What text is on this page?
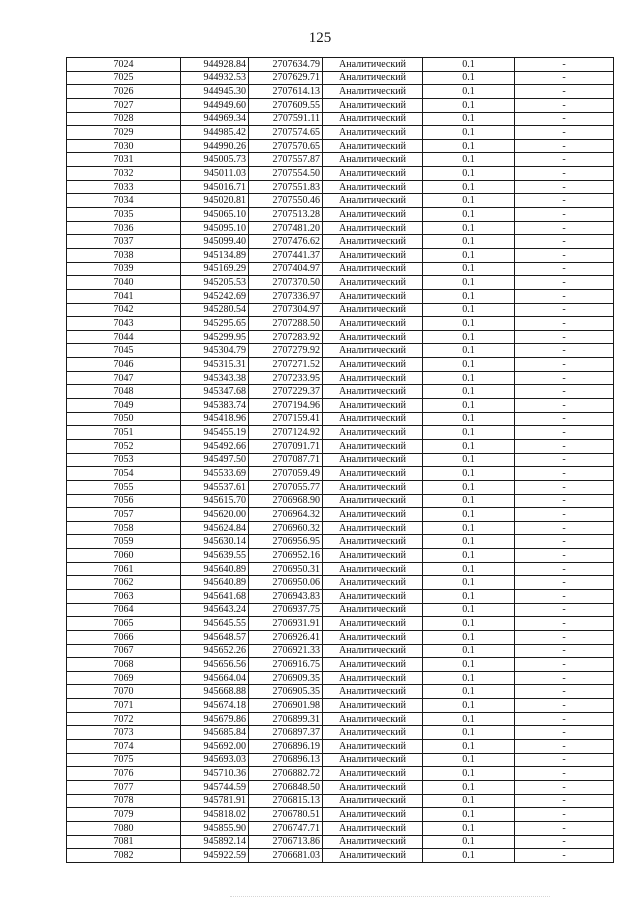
125
7024	944928.84	2707634.79	Аналитический	0.1	-
7025	944932.53	2707629.71	Аналитический	0.1	-
7026	944945.30	2707614.13	Аналитический	0.1	-
7027	944949.60	2707609.55	Аналитический	0.1	-
7028	944969.34	2707591.11	Аналитический	0.1	-
7029	944985.42	2707574.65	Аналитический	0.1	-
7030	944990.26	2707570.65	Аналитический	0.1	-
7031	945005.73	2707557.87	Аналитический	0.1	-
7032	945011.03	2707554.50	Аналитический	0.1	-
7033	945016.71	2707551.83	Аналитический	0.1	-
7034	945020.81	2707550.46	Аналитический	0.1	-
7035	945065.10	2707513.28	Аналитический	0.1	-
7036	945095.10	2707481.20	Аналитический	0.1	-
7037	945099.40	2707476.62	Аналитический	0.1	-
7038	945134.89	2707441.37	Аналитический	0.1	-
7039	945169.29	2707404.97	Аналитический	0.1	-
7040	945205.53	2707370.50	Аналитический	0.1	-
7041	945242.69	2707336.97	Аналитический	0.1	-
7042	945280.54	2707304.97	Аналитический	0.1	-
7043	945295.65	2707288.50	Аналитический	0.1	-
7044	945299.95	2707283.92	Аналитический	0.1	-
7045	945304.79	2707279.92	Аналитический	0.1	-
7046	945315.31	2707271.52	Аналитический	0.1	-
7047	945343.38	2707233.95	Аналитический	0.1	-
7048	945347.68	2707229.37	Аналитический	0.1	-
7049	945383.74	2707194.96	Аналитический	0.1	-
7050	945418.96	2707159.41	Аналитический	0.1	-
7051	945455.19	2707124.92	Аналитический	0.1	-
7052	945492.66	2707091.71	Аналитический	0.1	-
7053	945497.50	2707087.71	Аналитический	0.1	-
7054	945533.69	2707059.49	Аналитический	0.1	-
7055	945537.61	2707055.77	Аналитический	0.1	-
7056	945615.70	2706968.90	Аналитический	0.1	-
7057	945620.00	2706964.32	Аналитический	0.1	-
7058	945624.84	2706960.32	Аналитический	0.1	-
7059	945630.14	2706956.95	Аналитический	0.1	-
7060	945639.55	2706952.16	Аналитический	0.1	-
7061	945640.89	2706950.31	Аналитический	0.1	-
7062	945640.89	2706950.06	Аналитический	0.1	-
7063	945641.68	2706943.83	Аналитический	0.1	-
7064	945643.24	2706937.75	Аналитический	0.1	-
7065	945645.55	2706931.91	Аналитический	0.1	-
7066	945648.57	2706926.41	Аналитический	0.1	-
7067	945652.26	2706921.33	Аналитический	0.1	-
7068	945656.56	2706916.75	Аналитический	0.1	-
7069	945664.04	2706909.35	Аналитический	0.1	-
7070	945668.88	2706905.35	Аналитический	0.1	-
7071	945674.18	2706901.98	Аналитический	0.1	-
7072	945679.86	2706899.31	Аналитический	0.1	-
7073	945685.84	2706897.37	Аналитический	0.1	-
7074	945692.00	2706896.19	Аналитический	0.1	-
7075	945693.03	2706896.13	Аналитический	0.1	-
7076	945710.36	2706882.72	Аналитический	0.1	-
7077	945744.59	2706848.50	Аналитический	0.1	-
7078	945781.91	2706815.13	Аналитический	0.1	-
7079	945818.02	2706780.51	Аналитический	0.1	-
7080	945855.90	2706747.71	Аналитический	0.1	-
7081	945892.14	2706713.86	Аналитический	0.1	-
7082	945922.59	2706681.03	Аналитический	0.1	-
